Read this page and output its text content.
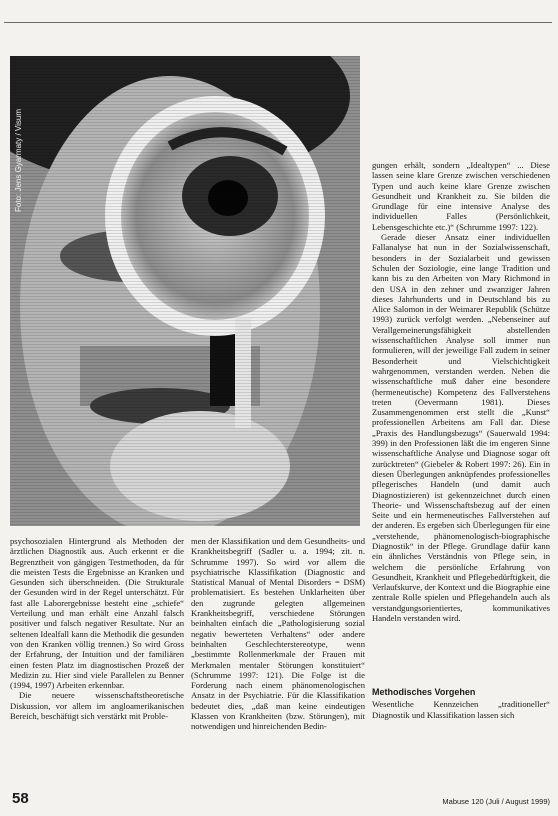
Foto: Jens Gyarmaty / Visum

psychosozialen Hintergrund als Methoden der ärztlichen Diagnostik aus. Auch erkennt er die Begrenztheit von gängigen Testmethoden, da für die meisten Tests die Ergebnisse an Kranken und Gesunden sich überschneiden. (Die Strukturale der Gesunden wird in der Regel unterschätzt. Für fast alle Laborergebnisse besteht eine „schiefe“ Verteilung und man erhält eine Anzahl falsch positiver und falsch negativer Resultate. Nur an seltenen Idealfall kann die Methodik die gesunden von den Kranken völlig trennen.) So wird Gross der Erfahrung, der Intuition und der familiären einen festen Platz im diagnostischen Prozeß der Medizin zu. Hier sind viele Parallelen zu Benner (1994, 1997) Arbeiten erkennbar.

Die neuere wissenschaftstheoretische Diskussion, vor allem im angloamerikanischen Bereich, beschäftigt sich verstärkt mit Proble-

men der Klassifikation und dem Gesundheits- und Krankheitsbegriff (Sadler u. a. 1994; zit. n. Schrumme 1997). So wird vor allem die psychiatrische Klassifikation (Diagnostic and Statistical Manual of Mental Disorders = DSM) problematisiert. Es bestehen Unklarheiten über den zugrunde gelegten allgemeinen Krankheitsbegriff, verschiedene Störungen beinhalten einfach die „Pathologisierung sozial negativ bewerteten Verhaltens“ oder andere beinhalten Geschlechterstereotype, wenn „bestimmte Rollenmerkmale der Frauen mit Merkmalen mentaler Störungen konstituiert“ (Schrumme 1997: 121). Die Folge ist die Forderung nach einem phänomenologischen Ansatz in der Psychiatrie. Für die Klassifikation bedeutet dies, „daß man keine eindeutigen Klassen von Krankheiten (bzw. Störungen), mit notwendigen und hinreichenden Bedin-

gungen erhält, sondern „Idealtypen“ ... Diese lassen seine klare Grenze zwischen verschiedenen Typen und auch keine klare Grenze zwischen Gesundheit und Krankheit zu. Sie bilden die Grundlage für eine intensive Analyse des individuellen Falles (Persönlichkeit, Lebensgeschichte etc.)“ (Schrumme 1997: 122).

Gerade dieser Ansatz einer individuellen Fallanalyse hat nun in der Sozialwissenschaft, besonders in der Sozialarbeit und gewissen Schulen der Soziologie, eine lange Tradition und kann bis zu den Arbeiten von Mary Richmond in den USA in den zehner und zwanziger Jahren dieses Jahrhunderts und in Deutschland bis zu Alice Salomon in der Weimarer Republik (Schütze 1993) zurück verfolgt werden. „Nebenseiner auf Verallgemeinerungsfähigkeit abstellenden wissenschaftlichen Analyse soll immer nun formulieren, will der jeweilige Fall zudem in seiner Besonderheit und Vielschichtigkeit wahrgenommen, verstanden werden. Neben die wissenschaftliche muß daher eine besondere (hermeneutische) Kompetenz des Fallverstehens treten (Oevermann 1981). Dieses Zusammengenommen erst stellt die „Kunst“ professionellen Arbeitens am Fall dar. Diese „Praxis des Handlungsbezugs“ (Sauerwald 1994: 399) in den Professionen läßt die im engeren Sinne wissenschaftliche Analyse und Diagnose sogar oft zurücktreten“ (Giebeler & Robert 1997: 26). Ein in diesen Überlegungen anknüpfendes professionelles pflegerisches Handeln (und damit auch Diagnostizieren) ist gekennzeichnet durch einen Theorie- und Wissenschaftsbezug auf der einen Seite und ein hermeneutisches Fallverstehen auf der anderen. Es ergeben sich Überlegungen für eine „verstehende, phänomenologisch-biographische Diagnostik“ in der Pflege. Grundlage dafür kann ein ähnliches Verständnis von Pflege sein, in welchem die persönliche Erfahrung von Gesundheit, Krankheit und Pflegebedürftigkeit, die Verlaufskurve, der Kontext und die Biographie eine zentrale Rolle spielen und Pflegehandeln auch als verstandgungsorientiertes, kommunikatives Handeln verstanden wird.

Methodisches Vorgehen

Wesentliche Kennzeichen „traditioneller“ Diagnostik und Klassifikation lassen sich

58	Mabuse 120 (Juli / August 1999)
